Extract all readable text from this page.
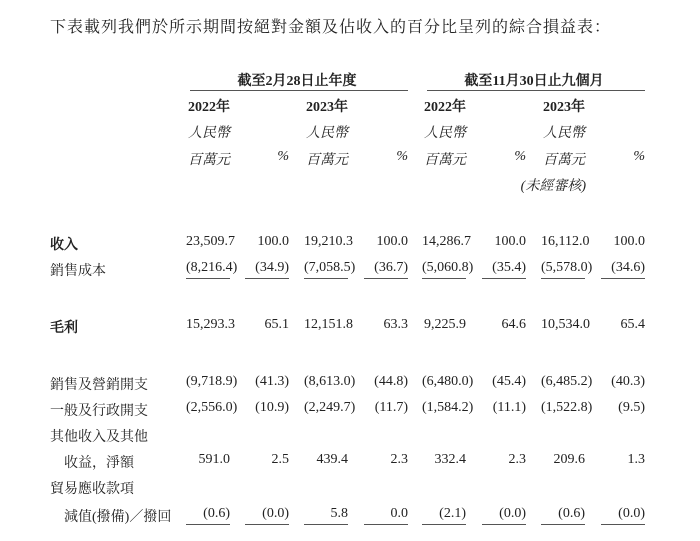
下表載列我們於所示期間按絕對金額及佔收入的百分比呈列的綜合損益表：
截至2月28日止年度	截至11月30日止九個月
2022年	2023年	2022年	2023年
人民幣
百萬元	%
人民幣
百萬元	%
人民幣
百萬元	%
人民幣
百萬元	%
(未經審核)
收入	23,509.7	100.0 19,210.3	100.0 14,286.7	100.0 16,112.0	100.0
銷售成本	(8,216.4)	(34.9) (7,058.5)	(36.7) (5,060.8)	(35.4) (5,578.0)	(34.6)
毛利	15,293.3	65.1 12,151.8	63.3 9,225.9	64.6 10,534.0	65.4
銷售及營銷開支	(9,718.9)	(41.3) (8,613.0)	(44.8) (6,480.0)	(45.4) (6,485.2)	(40.3)
一般及行政開支	(2,556.0)	(10.9) (2,249.7)	(11.7) (1,584.2)	(11.1) (1,522.8)	(9.5)
其他收入及其他
收益，淨額	591.0	2.5	439.4	2.3	332.4	2.3	209.6	1.3
貿易應收款項
減值(撥備)／撥回	(0.6)	(0.0)	5.8	0.0	(2.1)	(0.0)	(0.6)	(0.0)
